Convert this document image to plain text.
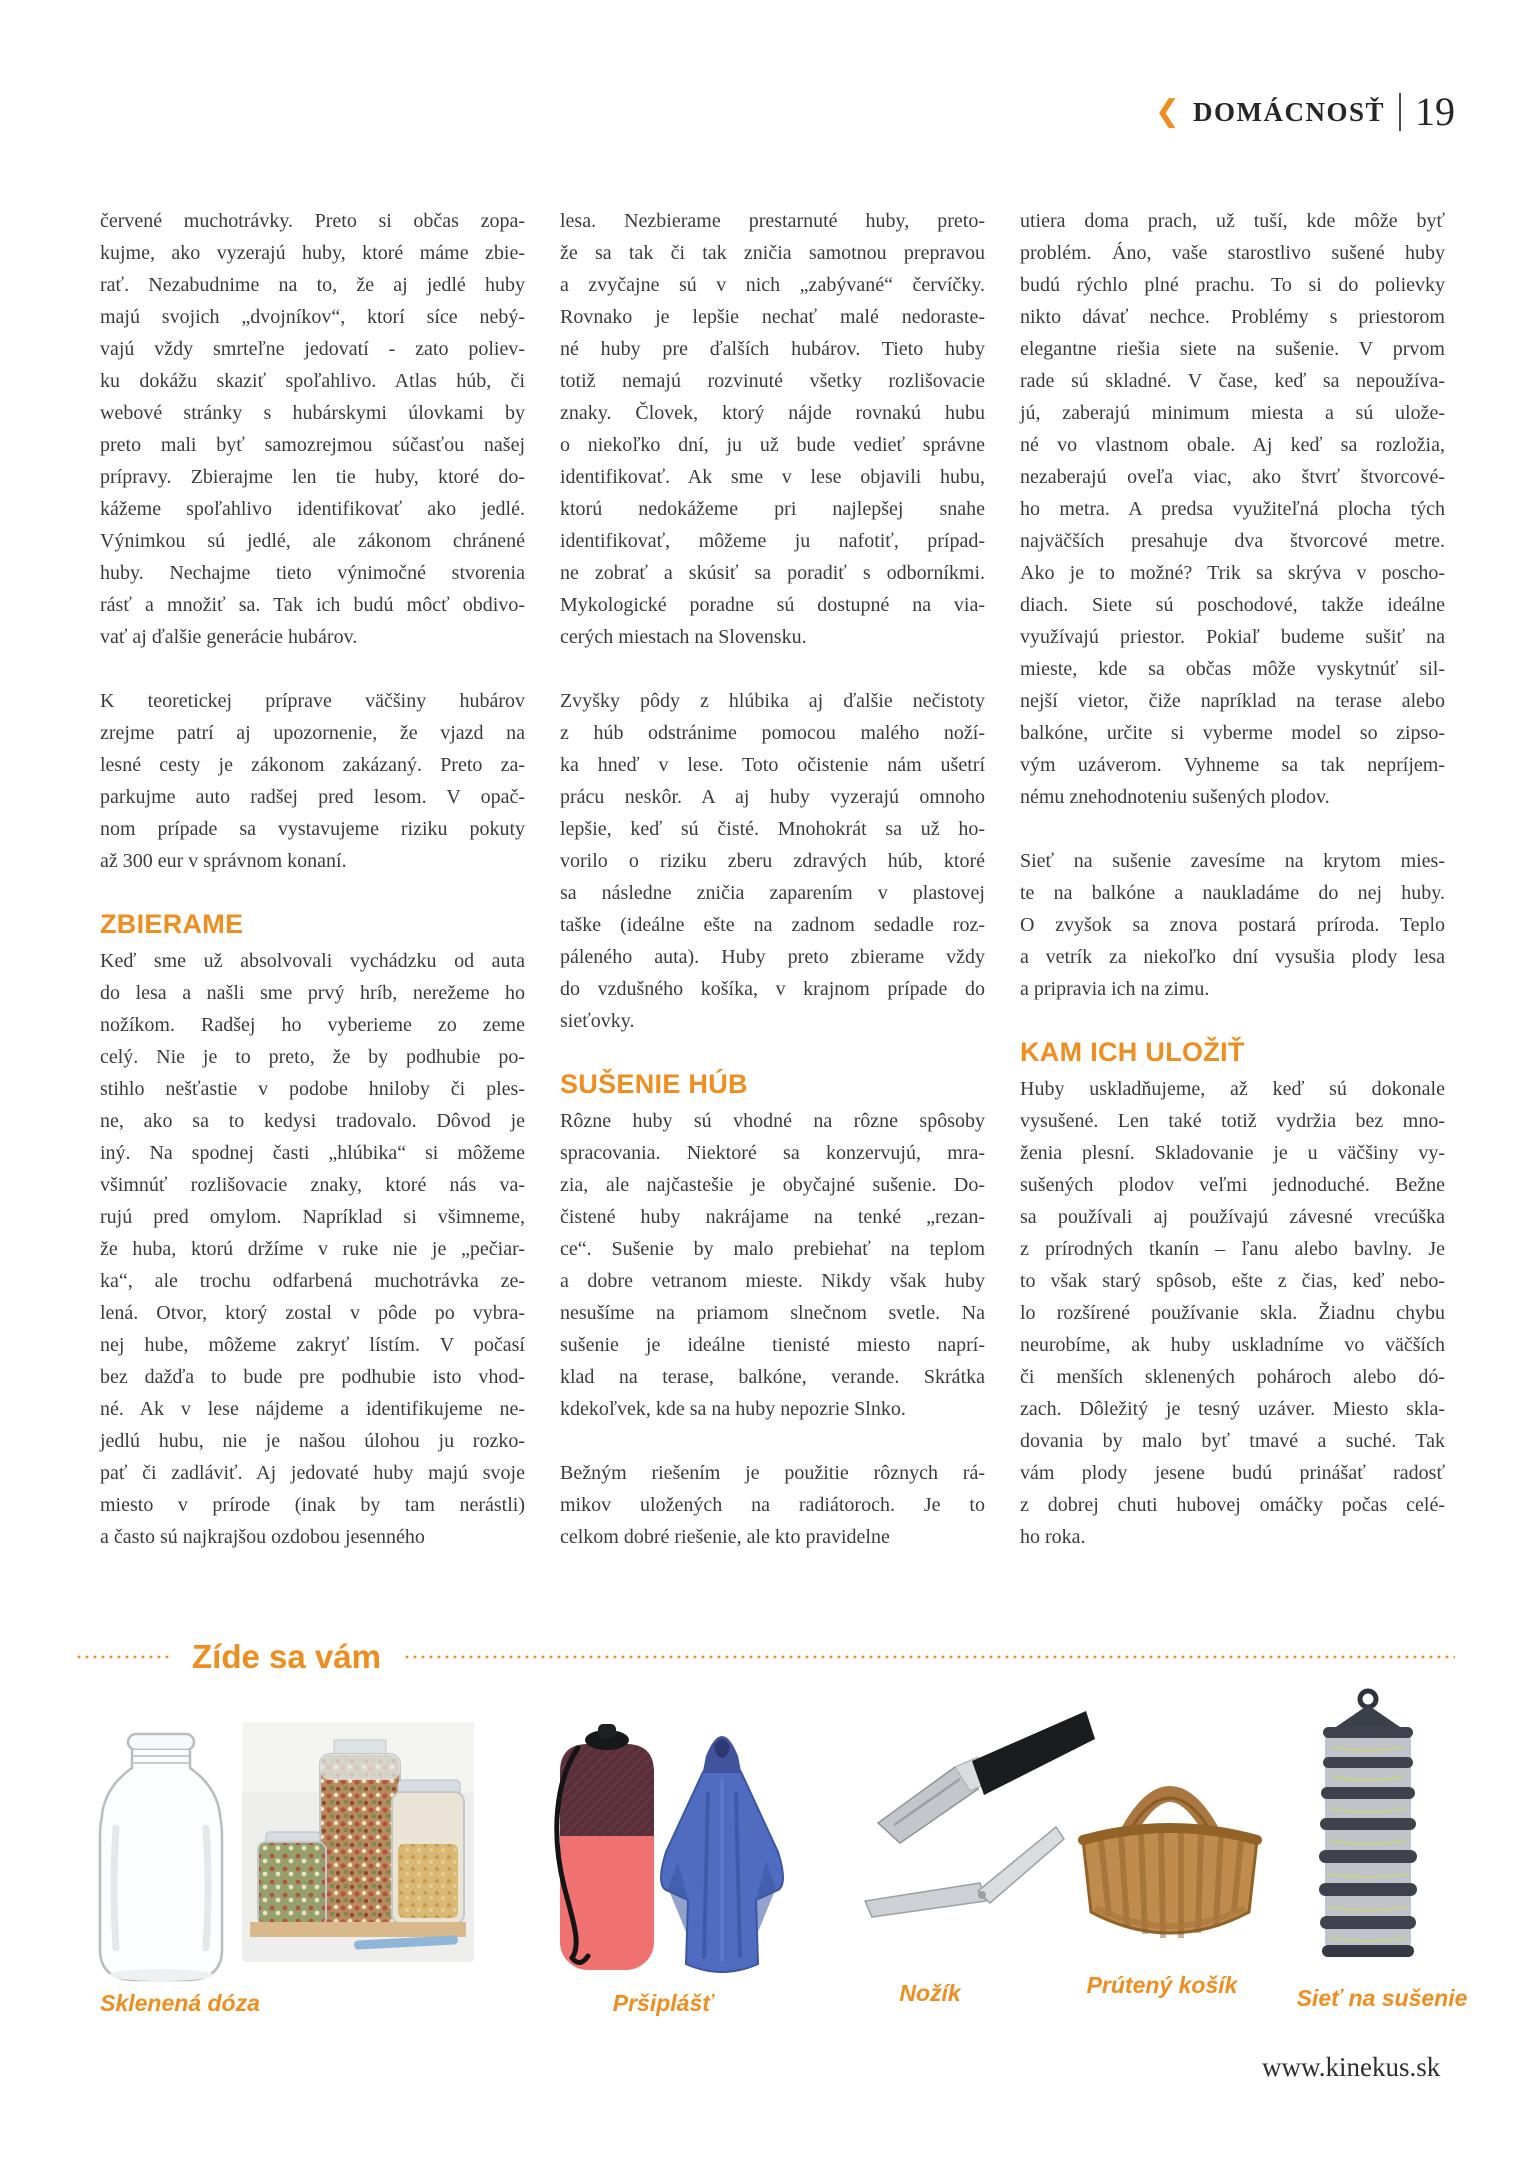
❮ DOMÁCNOSŤ 19
červené muchotrávky. Preto si občas zopa-
kujme, ako vyzerajú huby, ktoré máme zbie-
rať. Nezabudnime na to, že aj jedlé huby
majú svojich „dvojníkov“, ktorí síce nebý-
vajú vždy smrteľne jedovatí - zato poliev-
ku dokážu skaziť spoľahlivo. Atlas húb, či
webové stránky s hubárskymi úlovkami by
preto mali byť samozrejmou súčasťou našej
prípravy. Zbierajme len tie huby, ktoré do-
kážeme spoľahlivo identifikovať ako jedlé.
Výnimkou sú jedlé, ale zákonom chránené
huby. Nechajme tieto výnimočné stvorenia
rásť a množiť sa. Tak ich budú môcť obdivo-
vať aj ďalšie generácie hubárov.
K teoretickej príprave väčšiny hubárov
zrejme patrí aj upozornenie, že vjazd na
lesné cesty je zákonom zakázaný. Preto za-
parkujme auto radšej pred lesom. V opač-
nom prípade sa vystavujeme riziku pokuty
až 300 eur v správnom konaní.
ZBIERAME
Keď sme už absolvovali vychádzku od auta
do lesa a našli sme prvý hríb, nerežeme ho
nožíkom. Radšej ho vyberieme zo zeme
celý. Nie je to preto, že by podhubie po-
stihlo nešťastie v podobe hniloby či ples-
ne, ako sa to kedysi tradovalo. Dôvod je
iný. Na spodnej časti „hlúbika“ si môžeme
všimnúť rozlišovacie znaky, ktoré nás va-
rujú pred omylom. Napríklad si všimneme,
že huba, ktorú držíme v ruke nie je „pečiar-
ka“, ale trochu odfarbená muchotrávka ze-
lená. Otvor, ktorý zostal v pôde po vybra-
nej hube, môžeme zakryť lístím. V počasí
bez dažďa to bude pre podhubie isto vhod-
né. Ak v lese nájdeme a identifikujeme ne-
jedlú hubu, nie je našou úlohou ju rozko-
pať či zadláviť. Aj jedovaté huby majú svoje
miesto v prírode (inak by tam nerástli)
a často sú najkrajšou ozdobou jesenného
lesa. Nezbierame prestarnuté huby, preto-
že sa tak či tak zničia samotnou prepravou
a zvyčajne sú v nich „zabývané“ červíčky.
Rovnako je lepšie nechať malé nedoraste-
né huby pre ďalších hubárov. Tieto huby
totiž nemajú rozvinuté všetky rozlišovacie
znaky. Človek, ktorý nájde rovnakú hubu
o niekoľko dní, ju už bude vedieť správne
identifikovať. Ak sme v lese objavili hubu,
ktorú nedokážeme pri najlepšej snahe
identifikovať, môžeme ju nafotiť, prípad-
ne zobrať a skúsiť sa poradiť s odborníkmi.
Mykologické poradne sú dostupné na via-
cerých miestach na Slovensku.
Zvyšky pôdy z hlúbika aj ďalšie nečistoty
z húb odstránime pomocou malého noží-
ka hneď v lese. Toto očistenie nám ušetrí
prácu neskôr. A aj huby vyzerajú omnoho
lepšie, keď sú čisté. Mnohokrát sa už ho-
vorilo o riziku zberu zdravých húb, ktoré
sa následne zničia zaparením v plastovej
taške (ideálne ešte na zadnom sedadle roz-
páleného auta). Huby preto zbierame vždy
do vzdušného košíka, v krajnom prípade do
sieťovky.
SUŠENIE HÚB
Rôzne huby sú vhodné na rôzne spôsoby
spracovania. Niektoré sa konzervujú, mra-
zia, ale najčastešie je obyčajné sušenie. Do-
čistené huby nakrájame na tenké „rezan-
ce“. Sušenie by malo prebiehať na teplom
a dobre vetranom mieste. Nikdy však huby
nesušíme na priamom slnečnom svetle. Na
sušenie je ideálne tienisté miesto naprí-
klad na terase, balkóne, verande. Skrátka
kdekoľvek, kde sa na huby nepozrie Slnko.
Bežným riešením je použitie rôznych rá-
mikov uložených na radiátoroch. Je to
celkom dobré riešenie, ale kto pravidelne
utiera doma prach, už tuší, kde môže byť
problém. Áno, vaše starostlivo sušené huby
budú rýchlo plné prachu. To si do polievky
nikto dávať nechce. Problémy s priestorom
elegantne riešia siete na sušenie. V prvom
rade sú skladné. V čase, keď sa nepoužíva-
jú, zaberajú minimum miesta a sú ulože-
né vo vlastnom obale. Aj keď sa rozložia,
nezaberajú oveľa viac, ako štvrť štvorcové-
ho metra. A predsa využiteľná plocha tých
najväčších presahuje dva štvorcové metre.
Ako je to možné? Trik sa skrýva v poscho-
diach. Siete sú poschodové, takže ideálne
využívajú priestor. Pokiaľ budeme sušiť na
mieste, kde sa občas môže vyskytnúť sil-
nejší vietor, čiže napríklad na terase alebo
balkóne, určite si vyberme model so zipso-
vým uzáverom. Vyhneme sa tak nepríjem-
nému znehodnoteniu sušených plodov.
Sieť na sušenie zavesíme na krytom mies-
te na balkóne a naukladáme do nej huby.
O zvyšok sa znova postará príroda. Teplo
a vetrík za niekoľko dní vysušia plody lesa
a pripravia ich na zimu.
KAM ICH ULOŽIŤ
Huby uskladňujeme, až keď sú dokonale
vysušené. Len také totiž vydržia bez mno-
ženia plesní. Skladovanie je u väčšiny vy-
sušených plodov veľmi jednoduché. Bežne
sa používali aj používajú závesné vrecúška
z prírodných tkanín – ľanu alebo bavlny. Je
to však starý spôsob, ešte z čias, keď nebo-
lo rozšírené používanie skla. Žiadnu chybu
neurobíme, ak huby uskladníme vo väčších
či menších sklenených pohároch alebo dó-
zach. Dôležitý je tesný uzáver. Miesto skla-
dovania by malo byť tmavé a suché. Tak
vám plody jesene budú prinášať radosť
z dobrej chuti hubovej omáčky počas celé-
ho roka.
Zíde sa vám
Sklenená dóza	Pršiplášť	Nožík	Prútený košík	Sieť na sušenie
www.kinekus.sk
